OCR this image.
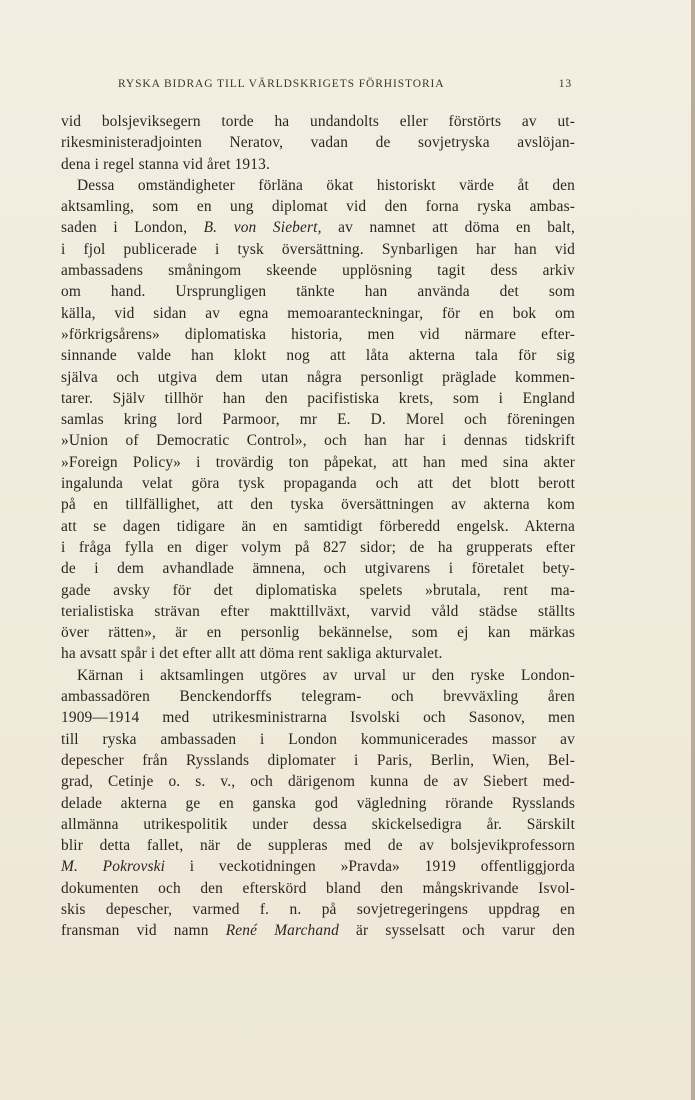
RYSKA BIDRAG TILL VÄRLDSKRIGETS FÖRHISTORIA	13
vid bolsjeviksegern torde ha undandolts eller förstörts av ut-
rikesministeradjointen Neratov, vadan de sovjetryska avslöjan-
dena i regel stanna vid året 1913.
Dessa omständigheter förläna ökat historiskt värde åt den
aktsamling, som en ung diplomat vid den forna ryska ambas-
saden i London, B. von Siebert, av namnet att döma en balt,
i fjol publicerade i tysk översättning. Synbarligen har han vid
ambassadens småningom skeende upplösning tagit dess arkiv
om hand. Ursprungligen tänkte han använda det som
källa, vid sidan av egna memoaranteckningar, för en bok om
»förkrigsårens» diplomatiska historia, men vid närmare efter-
sinnande valde han klokt nog att låta akterna tala för sig
själva och utgiva dem utan några personligt präglade kommen-
tarer. Själv tillhör han den pacifistiska krets, som i England
samlas kring lord Parmoor, mr E. D. Morel och föreningen
»Union of Democratic Control», och han har i dennas tidskrift
»Foreign Policy» i trovärdig ton påpekat, att han med sina akter
ingalunda velat göra tysk propaganda och att det blott berott
på en tillfällighet, att den tyska översättningen av akterna kom
att se dagen tidigare än en samtidigt förberedd engelsk. Akterna
i fråga fylla en diger volym på 827 sidor; de ha grupperats efter
de i dem avhandlade ämnena, och utgivarens i företalet bety-
gade avsky för det diplomatiska spelets »brutala, rent ma-
terialistiska strävan efter makttillväxt, varvid våld städse ställts
över rätten», är en personlig bekännelse, som ej kan märkas
ha avsatt spår i det efter allt att döma rent sakliga akturvalet.
Kärnan i aktsamlingen utgöres av urval ur den ryske London-
ambassadören Benckendorffs telegram- och brevväxling åren
1909—1914 med utrikesministrarna Isvolski och Sasonov, men
till ryska ambassaden i London kommunicerades massor av
depescher från Rysslands diplomater i Paris, Berlin, Wien, Bel-
grad, Cetinje o. s. v., och därigenom kunna de av Siebert med-
delade akterna ge en ganska god vägledning rörande Rysslands
allmänna utrikespolitik under dessa skickelsedigra år. Särskilt
blir detta fallet, när de suppleras med de av bolsjevikprofessorn
M. Pokrovski i veckotidningen »Pravda» 1919 offentliggjorda
dokumenten och den efterskörd bland den mångskrivande Isvol-
skis depescher, varmed f. n. på sovjetregeringens uppdrag en
fransman vid namn René Marchand är sysselsatt och varur den
